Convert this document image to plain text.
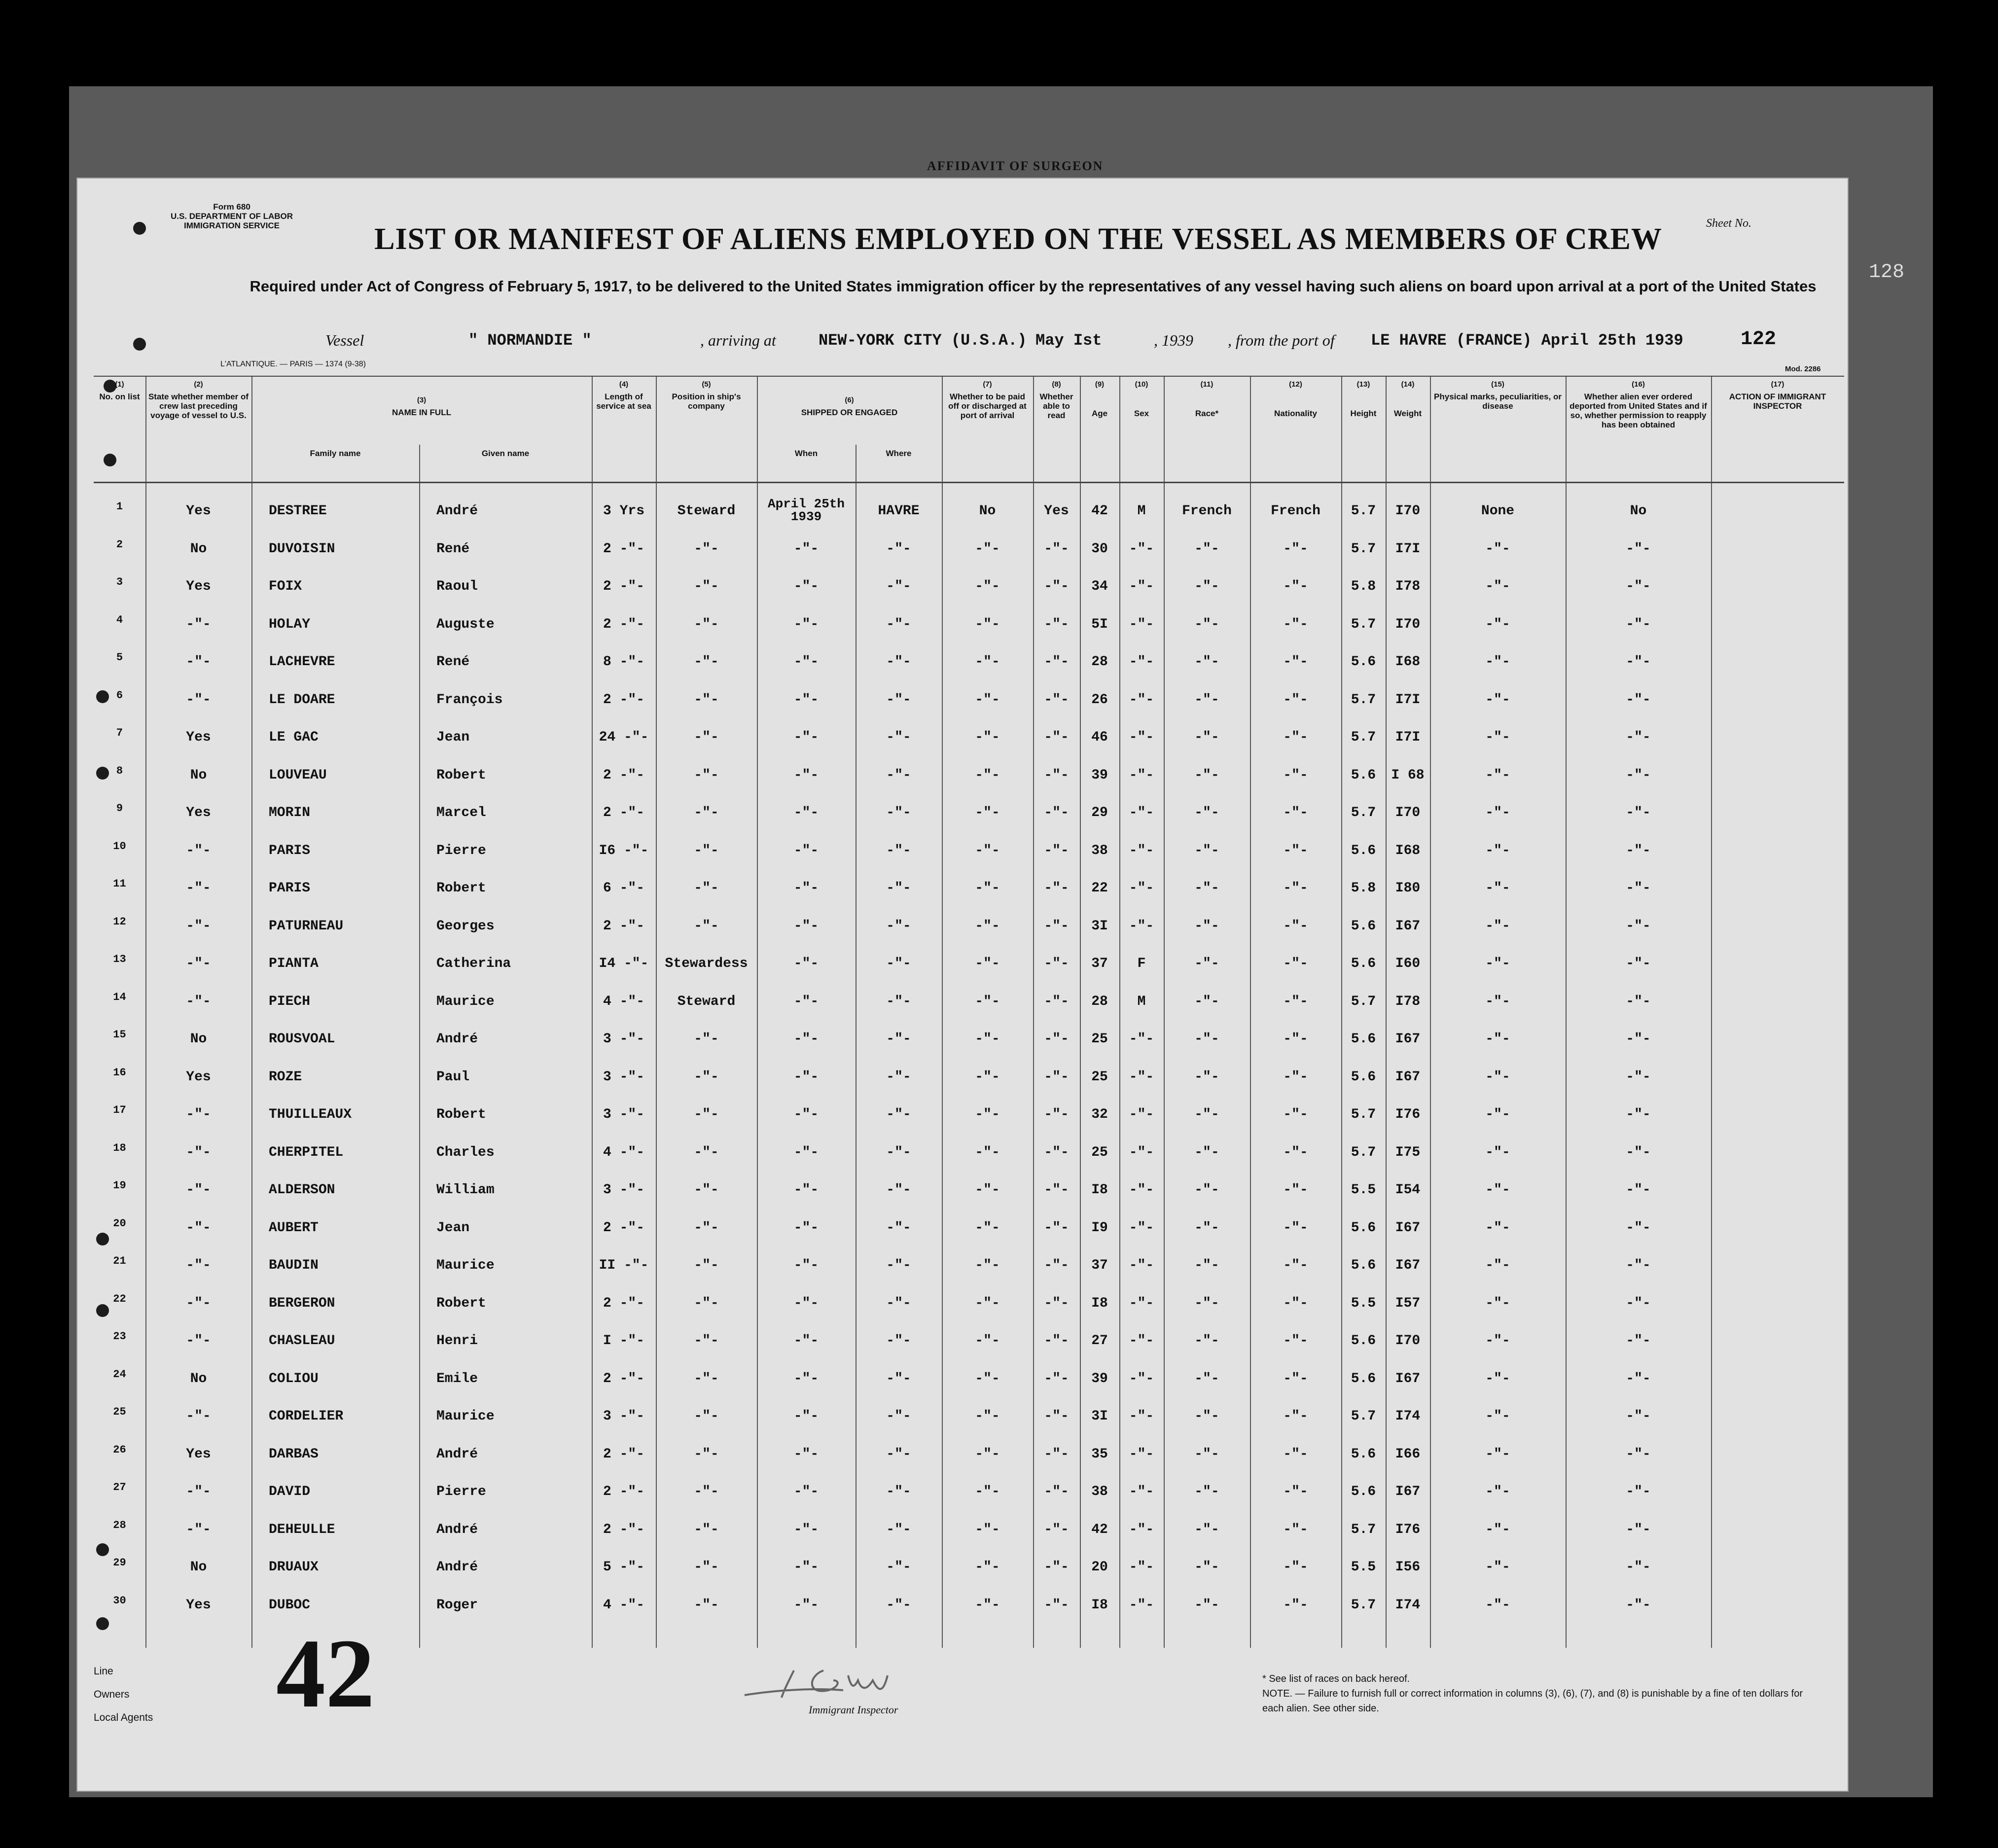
AFFIDAVIT OF SURGEON
Form 680
U.S. DEPARTMENT OF LABOR
IMMIGRATION SERVICE	LIST OR MANIFEST OF ALIENS EMPLOYED ON THE VESSEL AS MEMBERS OF CREW
Required under Act of Congress of February 5, 1917, to be delivered to the United States immigration officer by the representatives of any vessel having such aliens on board upon arrival at a port of the United States
Sheet No.
128
Vessel	" NORMANDIE "	, arriving at	NEW-YORK CITY (U.S.A.) May Ist	, 1939 , from the port of LE HAVRE (FRANCE) April 25th 1939	122
L'ATLANTIQUE. — PARIS — 1374 (9-38)
Mod. 2286
(1)
No. on list
(2)
State whether member of crew last preceding voyage of vessel to U.S.
(3)
NAME IN FULL
(4)
Length of service at sea
(5)
Position in ship's company
(6)
SHIPPED OR ENGAGED
(7)
Whether to be paid off or discharged at port of arrival
(8)
Whether able to read
(9)
Age
(10)
Sex
(11)
Race*
(12)
Nationality
(13)
Height
(14)
Weight
(15)
Physical marks, peculiarities, or disease
(16)
Whether alien ever ordered deported from United States and if so, whether permission to reapply has been obtained
(17)
ACTION OF IMMIGRANT INSPECTOR
Family name	Given name	When	Where
1	Yes	DESTREE	André	3 Yrs	Steward	April 25th 1939	HAVRE	No	Yes	42	M	French	French	5.7	I70	None	No
2	No	DUVOISIN	René	2 -"-	-"-	-"-	-"-	-"-	-"-	30	-"-	-"-	-"-	5.7	I7I	-"-	-"-
3	Yes	FOIX	Raoul	2 -"-	-"-	-"-	-"-	-"-	-"-	34	-"-	-"-	-"-	5.8	I78	-"-	-"-
4	-"-	HOLAY	Auguste	2 -"-	-"-	-"-	-"-	-"-	-"-	5I	-"-	-"-	-"-	5.7	I70	-"-	-"-
5	-"-	LACHEVRE	René	8 -"-	-"-	-"-	-"-	-"-	-"-	28	-"-	-"-	-"-	5.6	I68	-"-	-"-
6	-"-	LE DOARE	François	2 -"-	-"-	-"-	-"-	-"-	-"-	26	-"-	-"-	-"-	5.7	I7I	-"-	-"-
7	Yes	LE GAC	Jean	24 -"-	-"-	-"-	-"-	-"-	-"-	46	-"-	-"-	-"-	5.7	I7I	-"-	-"-
8	No	LOUVEAU	Robert	2 -"-	-"-	-"-	-"-	-"-	-"-	39	-"-	-"-	-"-	5.6	I 68	-"-	-"-
9	Yes	MORIN	Marcel	2 -"-	-"-	-"-	-"-	-"-	-"-	29	-"-	-"-	-"-	5.7	I70	-"-	-"-
10	-"-	PARIS	Pierre	I6 -"-	-"-	-"-	-"-	-"-	-"-	38	-"-	-"-	-"-	5.6	I68	-"-	-"-
11	-"-	PARIS	Robert	6 -"-	-"-	-"-	-"-	-"-	-"-	22	-"-	-"-	-"-	5.8	I80	-"-	-"-
12	-"-	PATURNEAU	Georges	2 -"-	-"-	-"-	-"-	-"-	-"-	3I	-"-	-"-	-"-	5.6	I67	-"-	-"-
13	-"-	PIANTA	Catherina	I4 -"-	Stewardess	-"-	-"-	-"-	-"-	37	F	-"-	-"-	5.6	I60	-"-	-"-
14	-"-	PIECH	Maurice	4 -"-	Steward	-"-	-"-	-"-	-"-	28	M	-"-	-"-	5.7	I78	-"-	-"-
15	No	ROUSVOAL	André	3 -"-	-"-	-"-	-"-	-"-	-"-	25	-"-	-"-	-"-	5.6	I67	-"-	-"-
16	Yes	ROZE	Paul	3 -"-	-"-	-"-	-"-	-"-	-"-	25	-"-	-"-	-"-	5.6	I67	-"-	-"-
17	-"-	THUILLEAUX	Robert	3 -"-	-"-	-"-	-"-	-"-	-"-	32	-"-	-"-	-"-	5.7	I76	-"-	-"-
18	-"-	CHERPITEL	Charles	4 -"-	-"-	-"-	-"-	-"-	-"-	25	-"-	-"-	-"-	5.7	I75	-"-	-"-
19	-"-	ALDERSON	William	3 -"-	-"-	-"-	-"-	-"-	-"-	I8	-"-	-"-	-"-	5.5	I54	-"-	-"-
20	-"-	AUBERT	Jean	2 -"-	-"-	-"-	-"-	-"-	-"-	I9	-"-	-"-	-"-	5.6	I67	-"-	-"-
21	-"-	BAUDIN	Maurice	II -"-	-"-	-"-	-"-	-"-	-"-	37	-"-	-"-	-"-	5.6	I67	-"-	-"-
22	-"-	BERGERON	Robert	2 -"-	-"-	-"-	-"-	-"-	-"-	I8	-"-	-"-	-"-	5.5	I57	-"-	-"-
23	-"-	CHASLEAU	Henri	I -"-	-"-	-"-	-"-	-"-	-"-	27	-"-	-"-	-"-	5.6	I70	-"-	-"-
24	No	COLIOU	Emile	2 -"-	-"-	-"-	-"-	-"-	-"-	39	-"-	-"-	-"-	5.6	I67	-"-	-"-
25	-"-	CORDELIER	Maurice	3 -"-	-"-	-"-	-"-	-"-	-"-	3I	-"-	-"-	-"-	5.7	I74	-"-	-"-
26	Yes	DARBAS	André	2 -"-	-"-	-"-	-"-	-"-	-"-	35	-"-	-"-	-"-	5.6	I66	-"-	-"-
27	-"-	DAVID	Pierre	2 -"-	-"-	-"-	-"-	-"-	-"-	38	-"-	-"-	-"-	5.6	I67	-"-	-"-
28	-"-	DEHEULLE	André	2 -"-	-"-	-"-	-"-	-"-	-"-	42	-"-	-"-	-"-	5.7	I76	-"-	-"-
29	No	DRUAUX	André	5 -"-	-"-	-"-	-"-	-"-	-"-	20	-"-	-"-	-"-	5.5	I56	-"-	-"-
30	Yes	DUBOC	Roger	4 -"-	-"-	-"-	-"-	-"-	-"-	I8	-"-	-"-	-"-	5.7	I74	-"-	-"-
Line
Owners
Local Agents 42	Immigrant Inspector
* See list of races on back hereof.
NOTE. — Failure to furnish full or correct information in columns (3), (6), (7), and (8) is punishable by a fine of ten dollars for each alien. See other side.
